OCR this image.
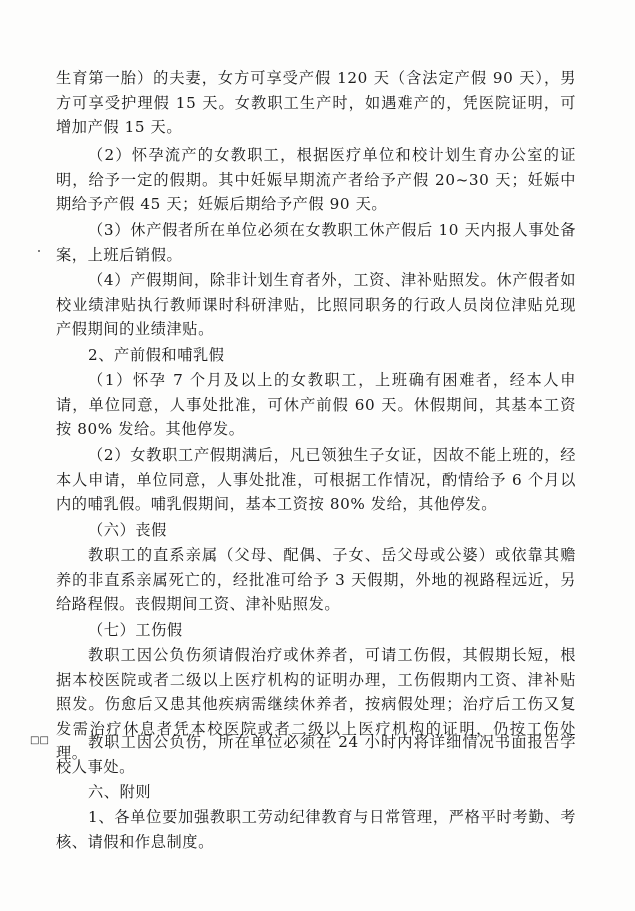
生育第一胎）的夫妻，女方可享受产假 120 天（含法定产假 90 天），男方可享受护理假 15 天。女教职工生产时，如遇难产的，凭医院证明，可增加产假 15 天。

（2）怀孕流产的女教职工，根据医疗单位和校计划生育办公室的证明，给予一定的假期。其中妊娠早期流产者给予产假 20~30 天；妊娠中期给予产假 45 天；妊娠后期给予产假 90 天。

（3）休产假者所在单位必须在女教职工休产假后 10 天内报人事处备案，上班后销假。

（4）产假期间，除非计划生育者外，工资、津补贴照发。休产假者如校业绩津贴执行教师课时科研津贴，比照同职务的行政人员岗位津贴兑现产假期间的业绩津贴。

2、产前假和哺乳假

（1）怀孕 7 个月及以上的女教职工，上班确有困难者，经本人申请，单位同意，人事处批准，可休产前假 60 天。休假期间，其基本工资按 80% 发给。其他停发。

（2）女教职工产假期满后，凡已领独生子女证，因故不能上班的，经本人申请，单位同意，人事处批准，可根据工作情况，酌情给予 6 个月以内的哺乳假。哺乳假期间，基本工资按 80% 发给，其他停发。

（六）丧假

教职工的直系亲属（父母、配偶、子女、岳父母或公婆）或依靠其赡养的非直系亲属死亡的，经批准可给予 3 天假期，外地的视路程远近，另给路程假。丧假期间工资、津补贴照发。

（七）工伤假

教职工因公负伤须请假治疗或休养者，可请工伤假，其假期长短，根据本校医院或者二级以上医疗机构的证明办理，工伤假期内工资、津补贴照发。伤愈后又患其他疾病需继续休养者，按病假处理；治疗后工伤又复发需治疗休息者凭本校医院或者二级以上医疗机构的证明，仍按工伤处理。

□□	教职工因公负伤，所在单位必须在 24 小时内将详细情况书面报告学校人事处。

六、附则

1、各单位要加强教职工劳动纪律教育与日常管理，严格平时考勤、考核、请假和作息制度。
